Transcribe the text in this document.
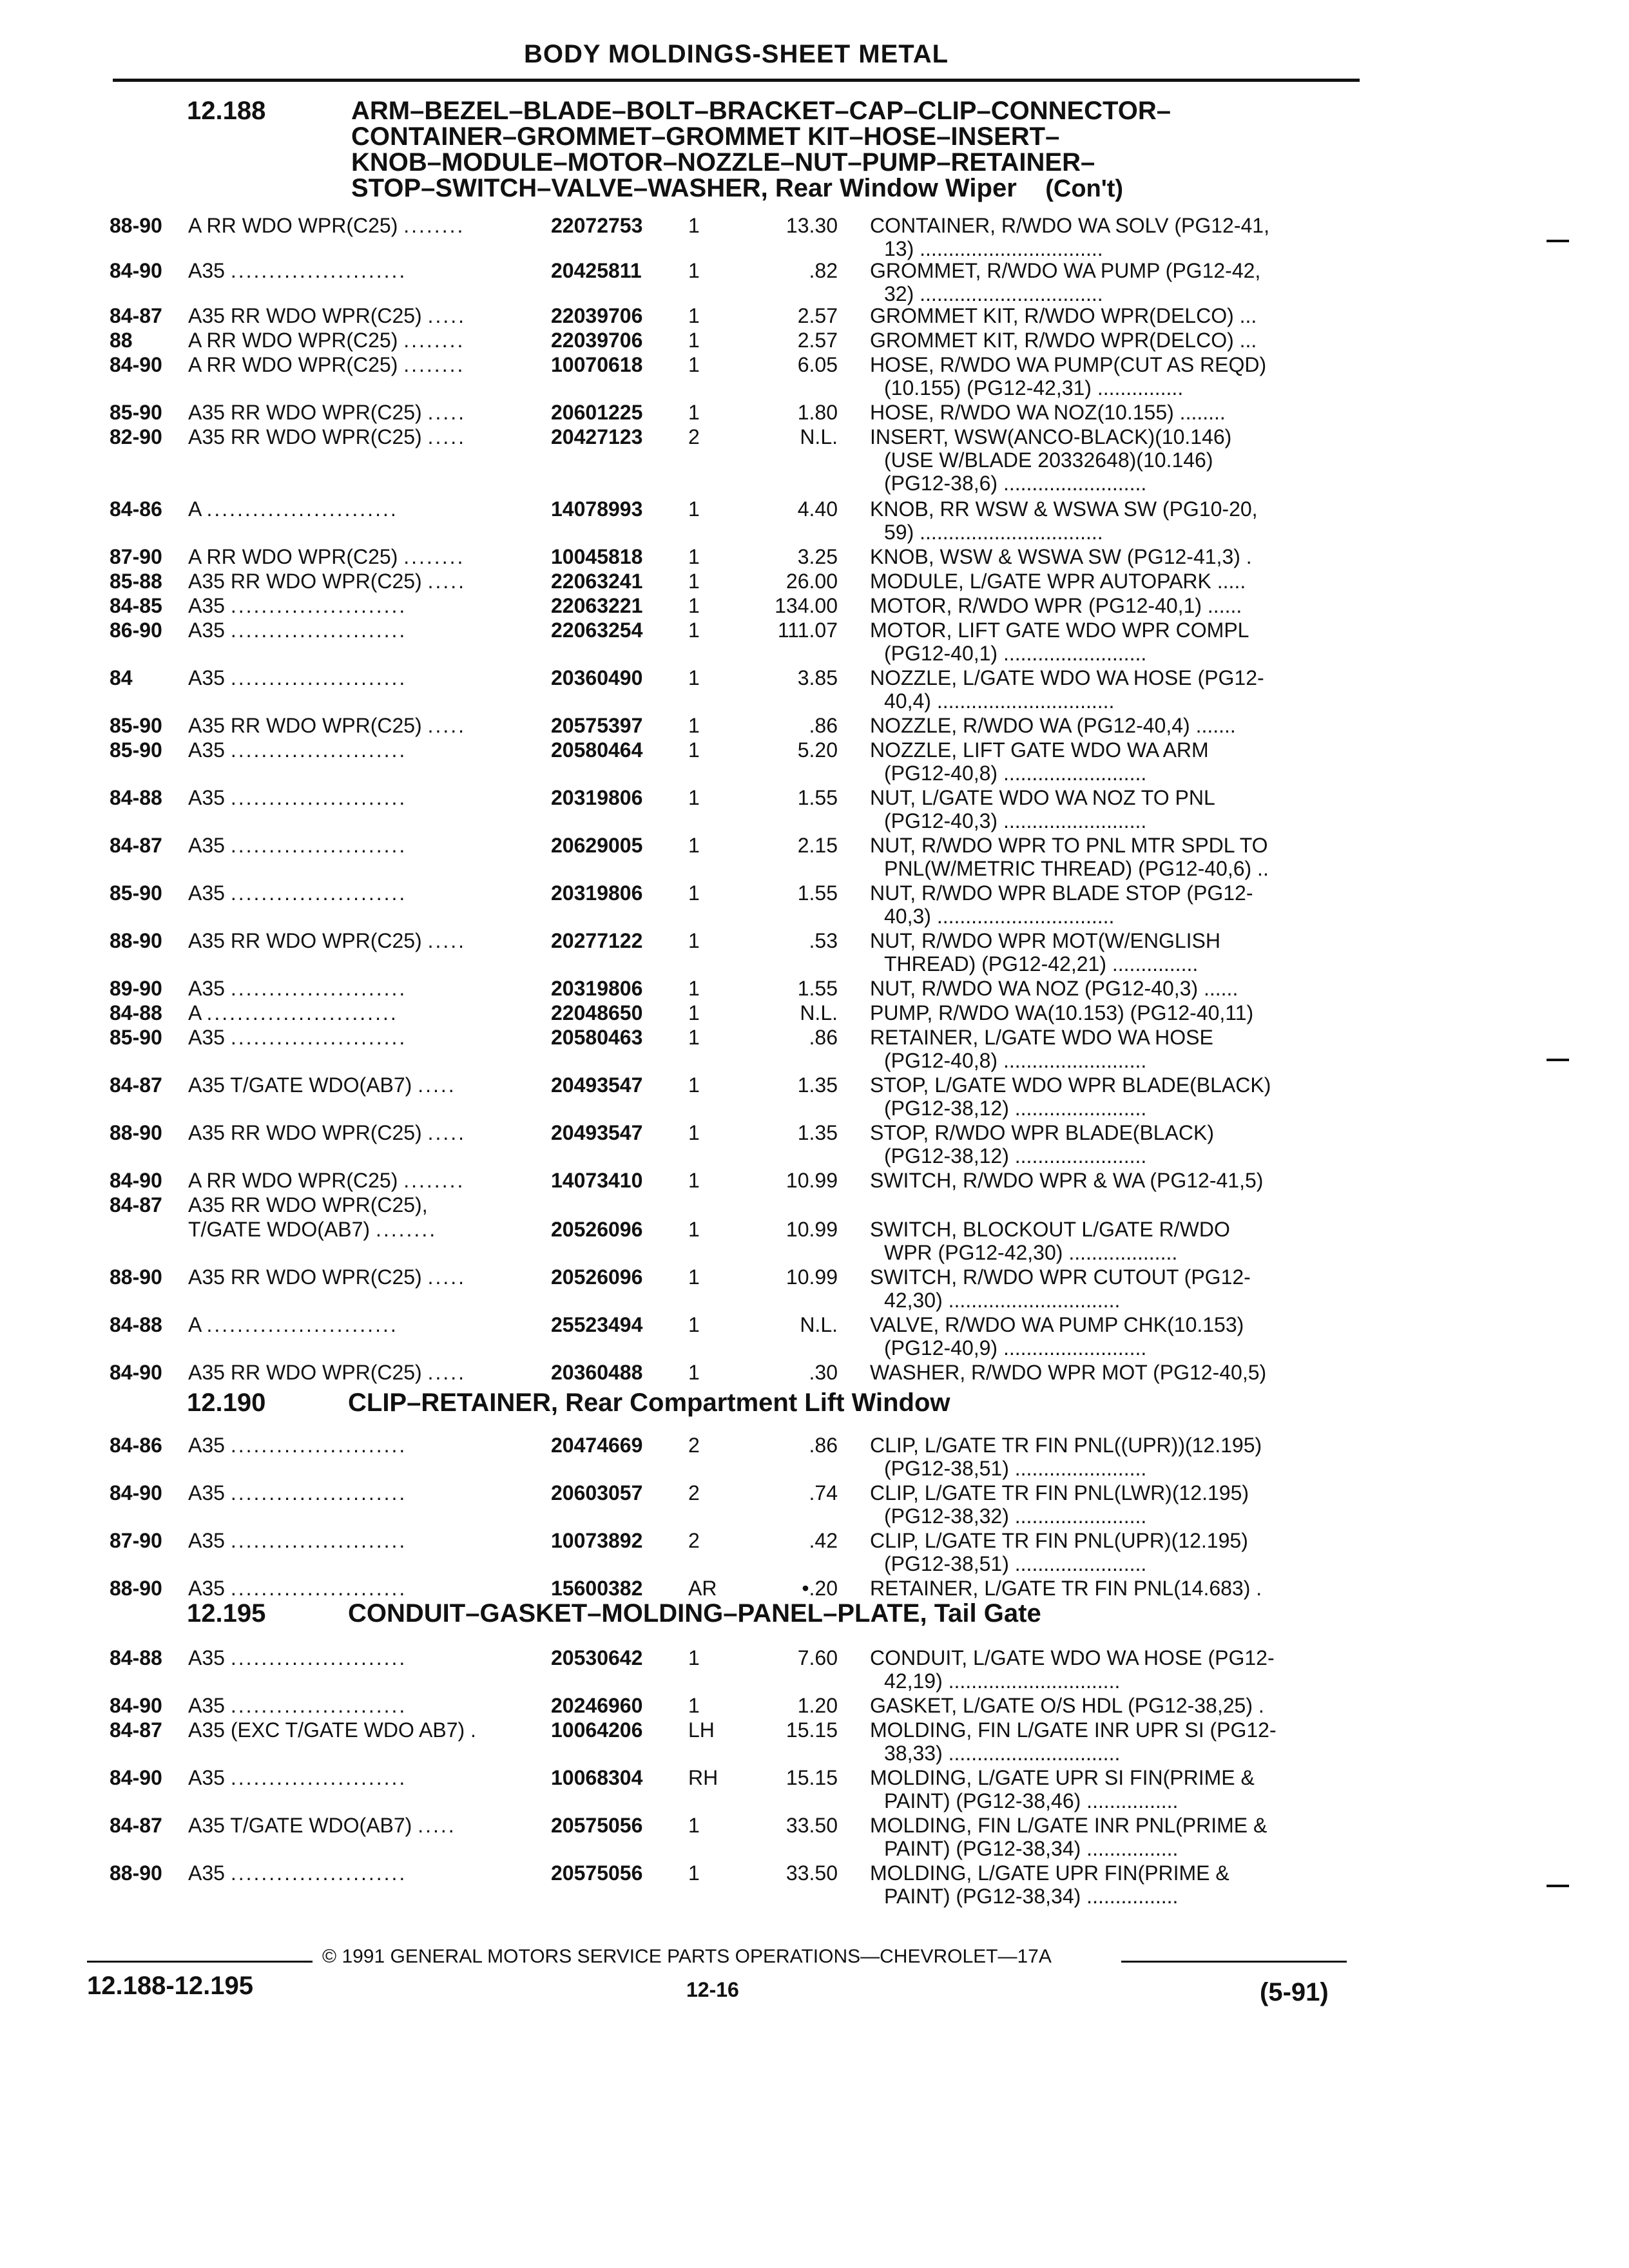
BODY MOLDINGS-SHEET METAL
12.188	ARM–BEZEL–BLADE–BOLT–BRACKET–CAP–CLIP–CONNECTOR–
CONTAINER–GROMMET–GROMMET KIT–HOSE–INSERT–
KNOB–MODULE–MOTOR–NOZZLE–NUT–PUMP–RETAINER–
STOP–SWITCH–VALVE–WASHER, Rear Window Wiper (Con't)
12.190	CLIP–RETAINER, Rear Compartment Lift Window
12.195	CONDUIT–GASKET–MOLDING–PANEL–PLATE, Tail Gate
88-90	A RR WDO WPR(C25) ........	22072753	1	13.30 CONTAINER, R/WDO WA SOLV (PG12-41,
13) ................................
84-90	A35 .......................	20425811	1	.82 GROMMET, R/WDO WA PUMP (PG12-42,
32) ................................
84-87	A35 RR WDO WPR(C25) .....	22039706	1	2.57 GROMMET KIT, R/WDO WPR(DELCO) ...
88	A RR WDO WPR(C25) ........	22039706	1	2.57 GROMMET KIT, R/WDO WPR(DELCO) ...
84-90	A RR WDO WPR(C25) ........	10070618	1	6.05 HOSE, R/WDO WA PUMP(CUT AS REQD)
(10.155) (PG12-42,31) ...............
85-90	A35 RR WDO WPR(C25) .....	20601225	1	1.80 HOSE, R/WDO WA NOZ(10.155) ........
82-90	A35 RR WDO WPR(C25) .....	20427123	2	N.L. INSERT, WSW(ANCO-BLACK)(10.146)
(USE W/BLADE 20332648)(10.146)
(PG12-38,6) .........................
84-86	A .........................	14078993	1	4.40 KNOB, RR WSW & WSWA SW (PG10-20,
59) ................................
87-90	A RR WDO WPR(C25) ........	10045818	1	3.25 KNOB, WSW & WSWA SW (PG12-41,3) .
85-88	A35 RR WDO WPR(C25) .....	22063241	1	26.00 MODULE, L/GATE WPR AUTOPARK .....
84-85	A35 .......................	22063221	1	134.00 MOTOR, R/WDO WPR (PG12-40,1) ......
86-90	A35 .......................	22063254	1	111.07 MOTOR, LIFT GATE WDO WPR COMPL
(PG12-40,1) .........................
84	A35 .......................	20360490	1	3.85 NOZZLE, L/GATE WDO WA HOSE (PG12-
40,4) ...............................
85-90	A35 RR WDO WPR(C25) .....	20575397	1	.86 NOZZLE, R/WDO WA (PG12-40,4) .......
85-90	A35 .......................	20580464	1	5.20 NOZZLE, LIFT GATE WDO WA ARM
(PG12-40,8) .........................
84-88	A35 .......................	20319806	1	1.55 NUT, L/GATE WDO WA NOZ TO PNL
(PG12-40,3) .........................
84-87	A35 .......................	20629005	1	2.15 NUT, R/WDO WPR TO PNL MTR SPDL TO
PNL(W/METRIC THREAD) (PG12-40,6) ..
85-90	A35 .......................	20319806	1	1.55 NUT, R/WDO WPR BLADE STOP (PG12-
40,3) ...............................
88-90	A35 RR WDO WPR(C25) .....	20277122	1	.53 NUT, R/WDO WPR MOT(W/ENGLISH
THREAD) (PG12-42,21) ...............
89-90	A35 .......................	20319806	1	1.55 NUT, R/WDO WA NOZ (PG12-40,3) ......
84-88	A .........................	22048650	1	N.L. PUMP, R/WDO WA(10.153) (PG12-40,11)
85-90	A35 .......................	20580463	1	.86 RETAINER, L/GATE WDO WA HOSE
(PG12-40,8) .........................
84-87	A35 T/GATE WDO(AB7) .....	20493547	1	1.35 STOP, L/GATE WDO WPR BLADE(BLACK)
(PG12-38,12) .......................
88-90	A35 RR WDO WPR(C25) .....	20493547	1	1.35 STOP, R/WDO WPR BLADE(BLACK)
(PG12-38,12) .......................
84-90	A RR WDO WPR(C25) ........	14073410	1	10.99 SWITCH, R/WDO WPR & WA (PG12-41,5)
84-87	A35 RR WDO WPR(C25),
T/GATE WDO(AB7) ........	20526096	1	10.99 SWITCH, BLOCKOUT L/GATE R/WDO
WPR (PG12-42,30) ...................
88-90	A35 RR WDO WPR(C25) .....	20526096	1	10.99 SWITCH, R/WDO WPR CUTOUT (PG12-
42,30) ..............................
84-88	A .........................	25523494	1	N.L. VALVE, R/WDO WA PUMP CHK(10.153)
(PG12-40,9) .........................
84-90	A35 RR WDO WPR(C25) .....	20360488	1	.30 WASHER, R/WDO WPR MOT (PG12-40,5)
84-86	A35 .......................	20474669	2	.86 CLIP, L/GATE TR FIN PNL((UPR))(12.195)
(PG12-38,51) .......................
84-90	A35 .......................	20603057	2	.74 CLIP, L/GATE TR FIN PNL(LWR)(12.195)
(PG12-38,32) .......................
87-90	A35 .......................	10073892	2	.42 CLIP, L/GATE TR FIN PNL(UPR)(12.195)
(PG12-38,51) .......................
88-90	A35 .......................	15600382	AR	•.20 RETAINER, L/GATE TR FIN PNL(14.683) .
84-88	A35 .......................	20530642	1	7.60 CONDUIT, L/GATE WDO WA HOSE (PG12-
42,19) ..............................
84-90	A35 .......................	20246960	1	1.20 GASKET, L/GATE O/S HDL (PG12-38,25) .
84-87	A35 (EXC T/GATE WDO AB7) .	10064206	LH	15.15 MOLDING, FIN L/GATE INR UPR SI (PG12-
38,33) ..............................
84-90	A35 .......................	10068304	RH	15.15 MOLDING, L/GATE UPR SI FIN(PRIME &
PAINT) (PG12-38,46) ................
84-87	A35 T/GATE WDO(AB7) .....	20575056	1	33.50 MOLDING, FIN L/GATE INR PNL(PRIME &
PAINT) (PG12-38,34) ................
88-90	A35 .......................	20575056	1	33.50 MOLDING, L/GATE UPR FIN(PRIME &
PAINT) (PG12-38,34) ................
© 1991 GENERAL MOTORS SERVICE PARTS OPERATIONS—CHEVROLET—17A
12.188-12.195	12-16	(5-91)
